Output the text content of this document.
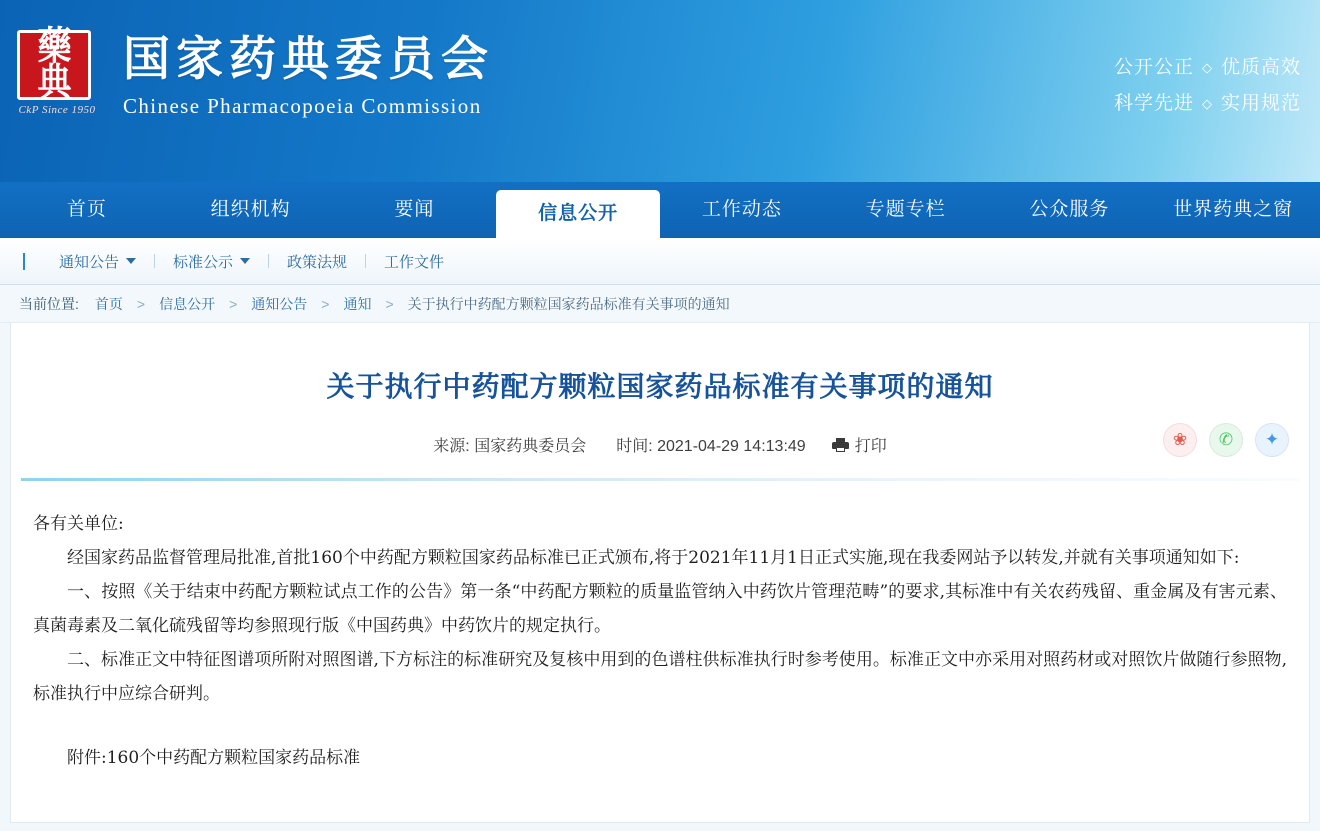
藥典
CkP Since 1950
国家药典委员会
Chinese Pharmacopoeia Commission
公开公正 ◇ 优质高效
科学先进 ◇ 实用规范
首页	组织机构	要闻	信息公开	工作动态	专题专栏	公众服务	世界药典之窗
通知公告	标准公示	政策法规	工作文件
当前位置: 首页 > 信息公开 > 通知公告 > 通知 > 关于执行中药配方颗粒国家药品标准有关事项的通知
关于执行中药配方颗粒国家药品标准有关事项的通知
来源: 国家药典委员会 时间: 2021-04-29 14:13:49	打印	❀	✆	✦

各有关单位:

经国家药品监督管理局批准,首批160个中药配方颗粒国家药品标准已正式颁布,将于2021年11月1日正式实施,现在我委网站予以转发,并就有关事项通知如下:

一、按照《关于结束中药配方颗粒试点工作的公告》第一条“中药配方颗粒的质量监管纳入中药饮片管理范畴”的要求,其标准中有关农药残留、重金属及有害元素、真菌毒素及二氧化硫残留等均参照现行版《中国药典》中药饮片的规定执行。

二、标准正文中特征图谱项所附对照图谱,下方标注的标准研究及复核中用到的色谱柱供标准执行时参考使用。标准正文中亦采用对照药材或对照饮片做随行参照物,标准执行中应综合研判。

附件:160个中药配方颗粒国家药品标准
